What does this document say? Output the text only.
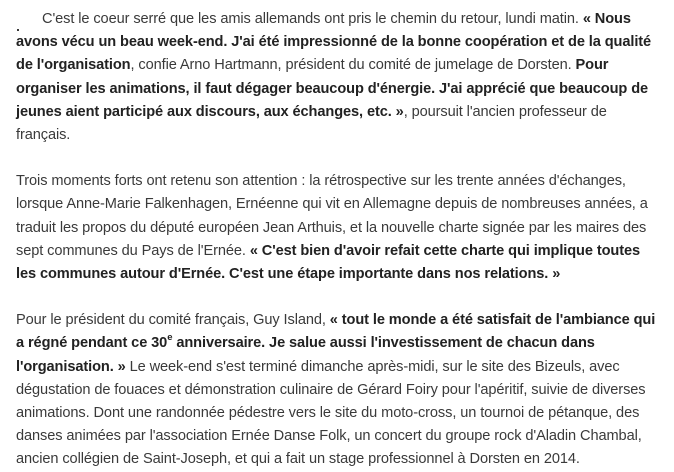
C'est le coeur serré que les amis allemands ont pris le chemin du retour, lundi matin. « Nous avons vécu un beau week-end. J'ai été impressionné de la bonne coopération et de la qualité de l'organisation, confie Arno Hartmann, président du comité de jumelage de Dorsten. Pour organiser les animations, il faut dégager beaucoup d'énergie. J'ai apprécié que beaucoup de jeunes aient participé aux discours, aux échanges, etc. », poursuit l'ancien professeur de français.

Trois moments forts ont retenu son attention : la rétrospective sur les trente années d'échanges, lorsque Anne-Marie Falkenhagen, Ernéenne qui vit en Allemagne depuis de nombreuses années, a traduit les propos du député européen Jean Arthuis, et la nouvelle charte signée par les maires des sept communes du Pays de l'Ernée. « C'est bien d'avoir refait cette charte qui implique toutes les communes autour d'Ernée. C'est une étape importante dans nos relations. »

Pour le président du comité français, Guy Island, « tout le monde a été satisfait de l'ambiance qui a régné pendant ce 30e anniversaire. Je salue aussi l'investissement de chacun dans l'organisation. » Le week-end s'est terminé dimanche après-midi, sur le site des Bizeuls, avec dégustation de fouaces et démonstration culinaire de Gérard Foiry pour l'apéritif, suivie de diverses animations. Dont une randonnée pédestre vers le site du moto-cross, un tournoi de pétanque, des danses animées par l'association Ernée Danse Folk, un concert du groupe rock d'Aladin Chambal, ancien collégien de Saint-Joseph, et qui a fait un stage professionnel à Dorsten en 2014.
